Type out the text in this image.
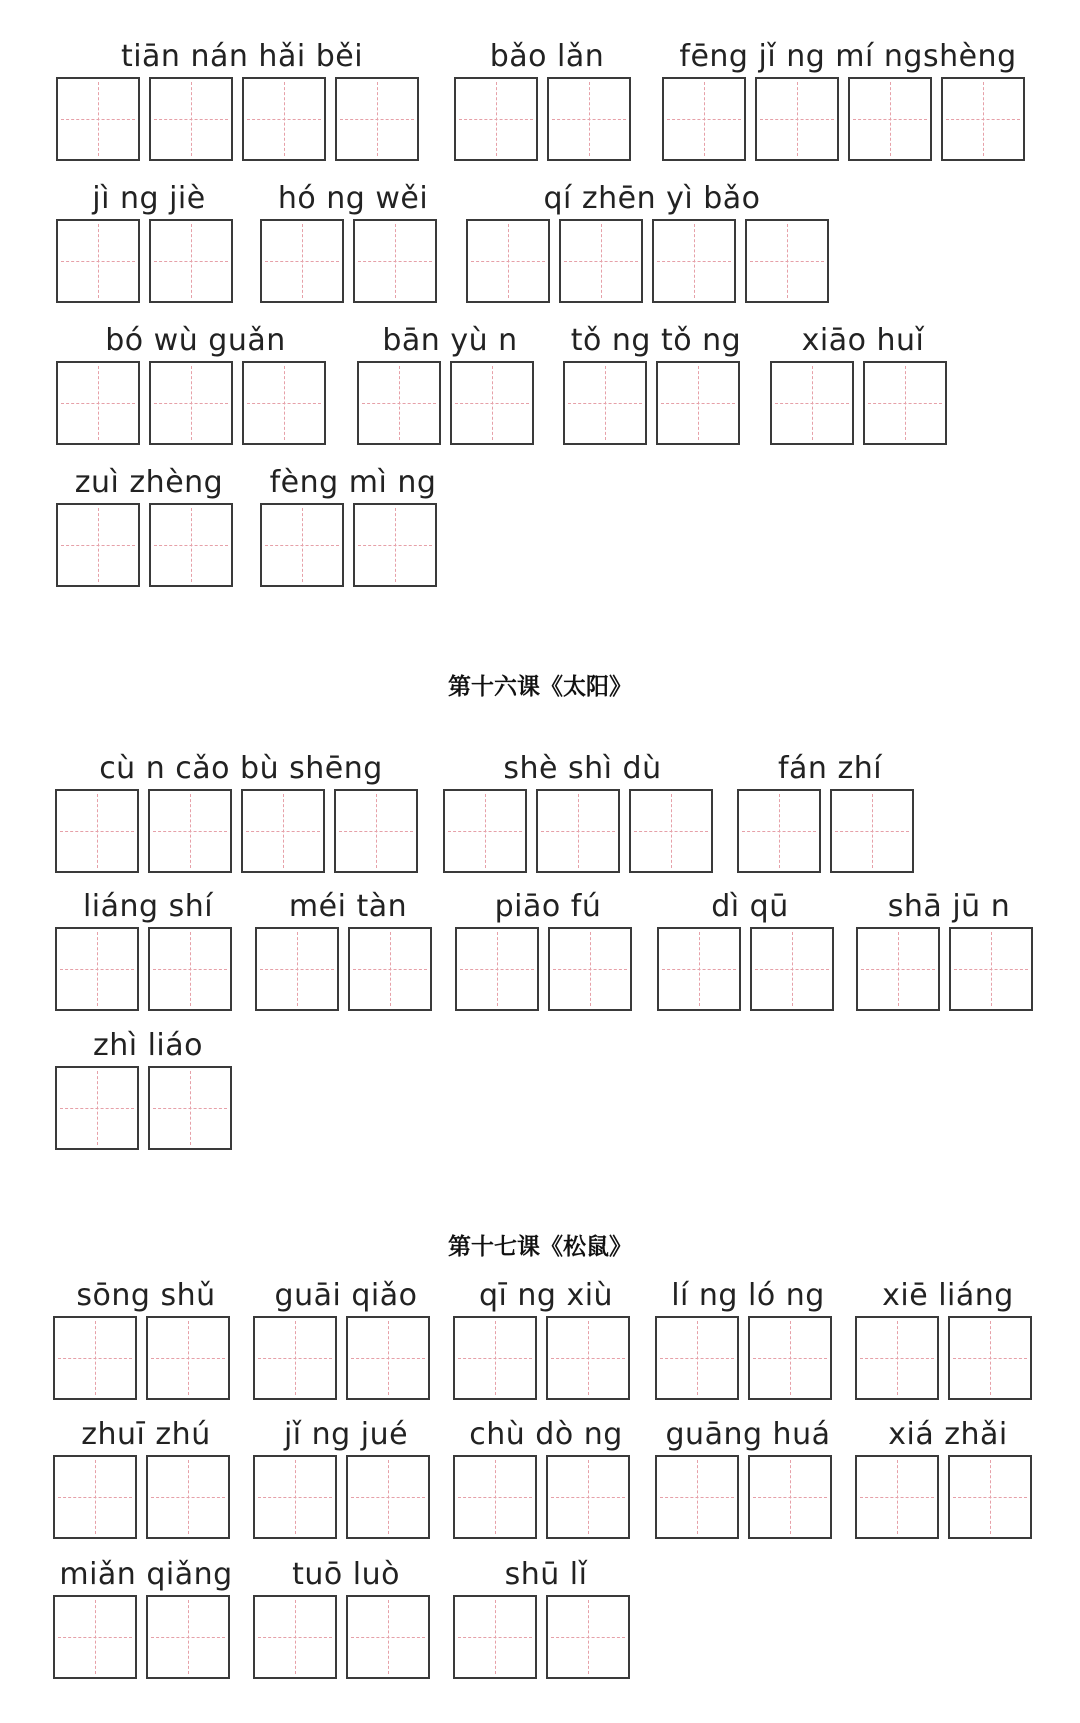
第十六课《太阳》
第十七课《松鼠》
tiān nán hǎi běi	bǎo lǎn	fēng jǐ ng mí ngshèng
jì ng jiè	hó ng wěi	qí zhēn yì bǎo
bó wù guǎn	bān yù n	tǒ ng tǒ ng	xiāo huǐ
zuì zhèng	fèng mì ng
cù n cǎo bù shēng	shè shì dù	fán zhí
liáng shí	méi tàn	piāo fú	dì qū	shā jū n
zhì liáo
sōng shǔ	guāi qiǎo	qī ng xiù	lí ng ló ng	xiē liáng
zhuī zhú	jǐ ng jué	chù dò ng	guāng huá	xiá zhǎi
miǎn qiǎng	tuō luò	shū lǐ
